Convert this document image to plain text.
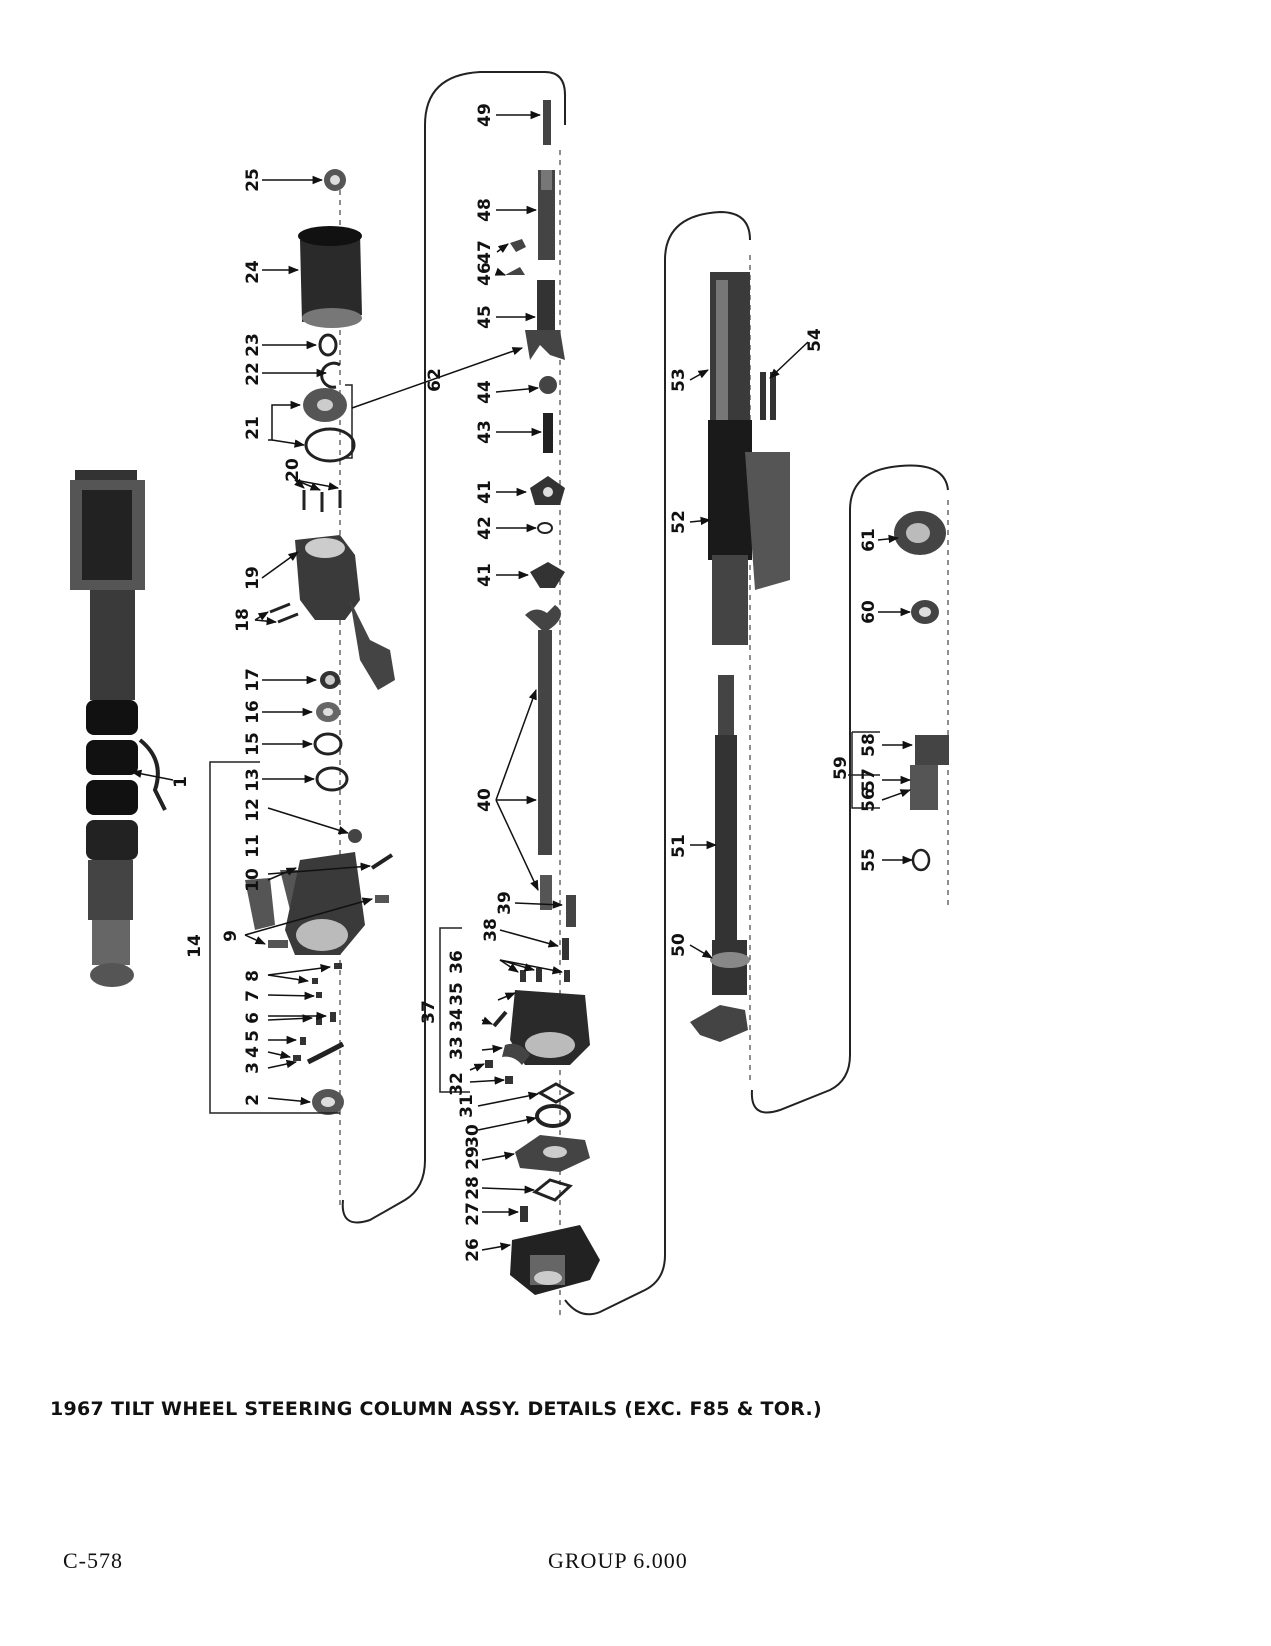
1
2
3
4
5
6
7
8
9
10
11
12
13
14
15
16
17
18
19
20
21
22
23
24
25
26
27
28
29
30
31
32
33
34
35
36
37
38
39
40
41
41
42
43
44
45
46
47
48
49
50
51
52
53
54
55
56
57
58
59
60
61
62
1967 TILT WHEEL STEERING COLUMN ASSY. DETAILS (EXC. F85 & TOR.)
C-578	GROUP 6.000
